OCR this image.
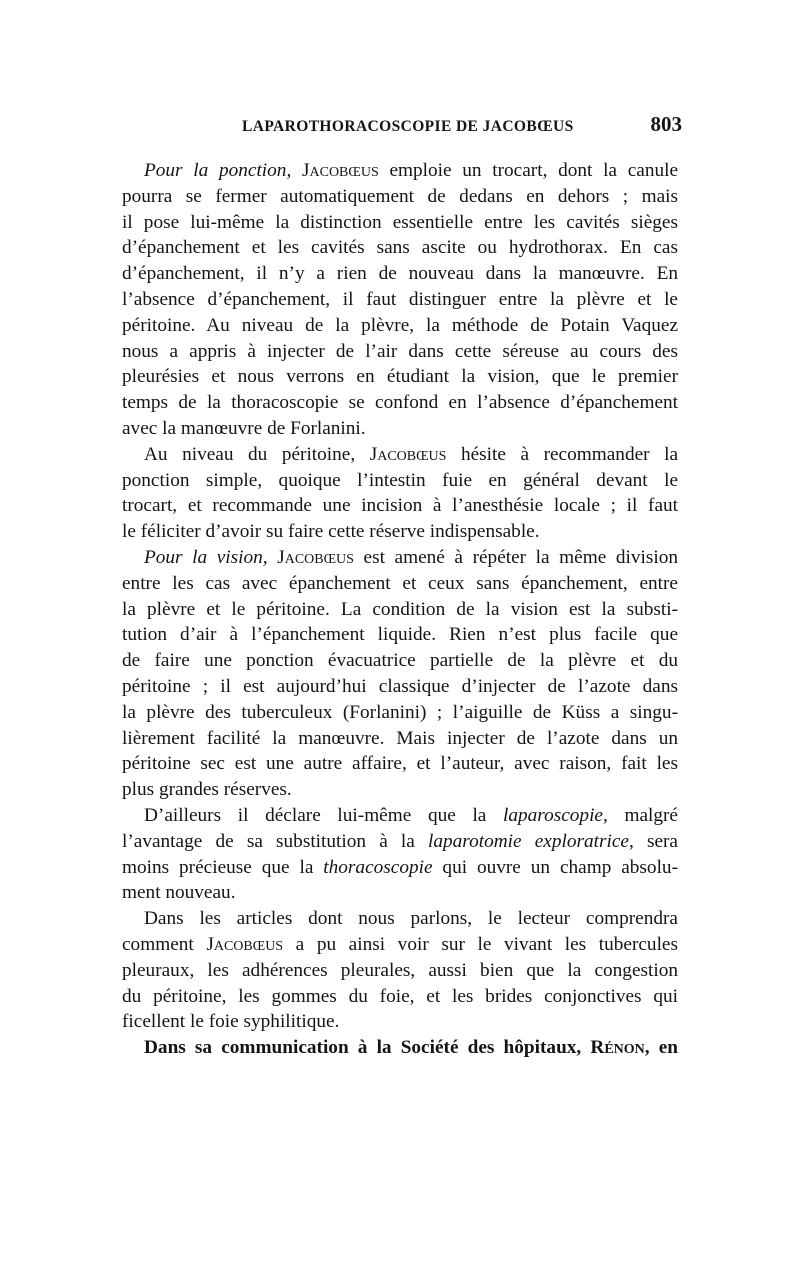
LAPAROTHORACOSCOPIE DE JACOBŒUS	803
Pour la ponction, Jacobœus emploie un trocart, dont la canule
pourra se fermer automatiquement de dedans en dehors ; mais
il pose lui-même la distinction essentielle entre les cavités sièges
d’épanchement et les cavités sans ascite ou hydrothorax. En cas
d’épanchement, il n’y a rien de nouveau dans la manœuvre. En
l’absence d’épanchement, il faut distinguer entre la plèvre et le
péritoine. Au niveau de la plèvre, la méthode de Potain Vaquez
nous a appris à injecter de l’air dans cette séreuse au cours des
pleurésies et nous verrons en étudiant la vision, que le premier
temps de la thoracoscopie se confond en l’absence d’épanchement
avec la manœuvre de Forlanini.
Au niveau du péritoine, Jacobœus hésite à recommander la
ponction simple, quoique l’intestin fuie en général devant le
trocart, et recommande une incision à l’anesthésie locale ; il faut
le féliciter d’avoir su faire cette réserve indispensable.
Pour la vision, Jacobœus est amené à répéter la même division
entre les cas avec épanchement et ceux sans épanchement, entre
la plèvre et le péritoine. La condition de la vision est la substi-
tution d’air à l’épanchement liquide. Rien n’est plus facile que
de faire une ponction évacuatrice partielle de la plèvre et du
péritoine ; il est aujourd’hui classique d’injecter de l’azote dans
la plèvre des tuberculeux (Forlanini) ; l’aiguille de Küss a singu-
lièrement facilité la manœuvre. Mais injecter de l’azote dans un
péritoine sec est une autre affaire, et l’auteur, avec raison, fait les
plus grandes réserves.
D’ailleurs il déclare lui-même que la laparoscopie, malgré
l’avantage de sa substitution à la laparotomie exploratrice, sera
moins précieuse que la thoracoscopie qui ouvre un champ absolu-
ment nouveau.
Dans les articles dont nous parlons, le lecteur comprendra
comment Jacobœus a pu ainsi voir sur le vivant les tubercules
pleuraux, les adhérences pleurales, aussi bien que la congestion
du péritoine, les gommes du foie, et les brides conjonctives qui
ficellent le foie syphilitique.
Dans sa communication à la Société des hôpitaux, Rénon, en
